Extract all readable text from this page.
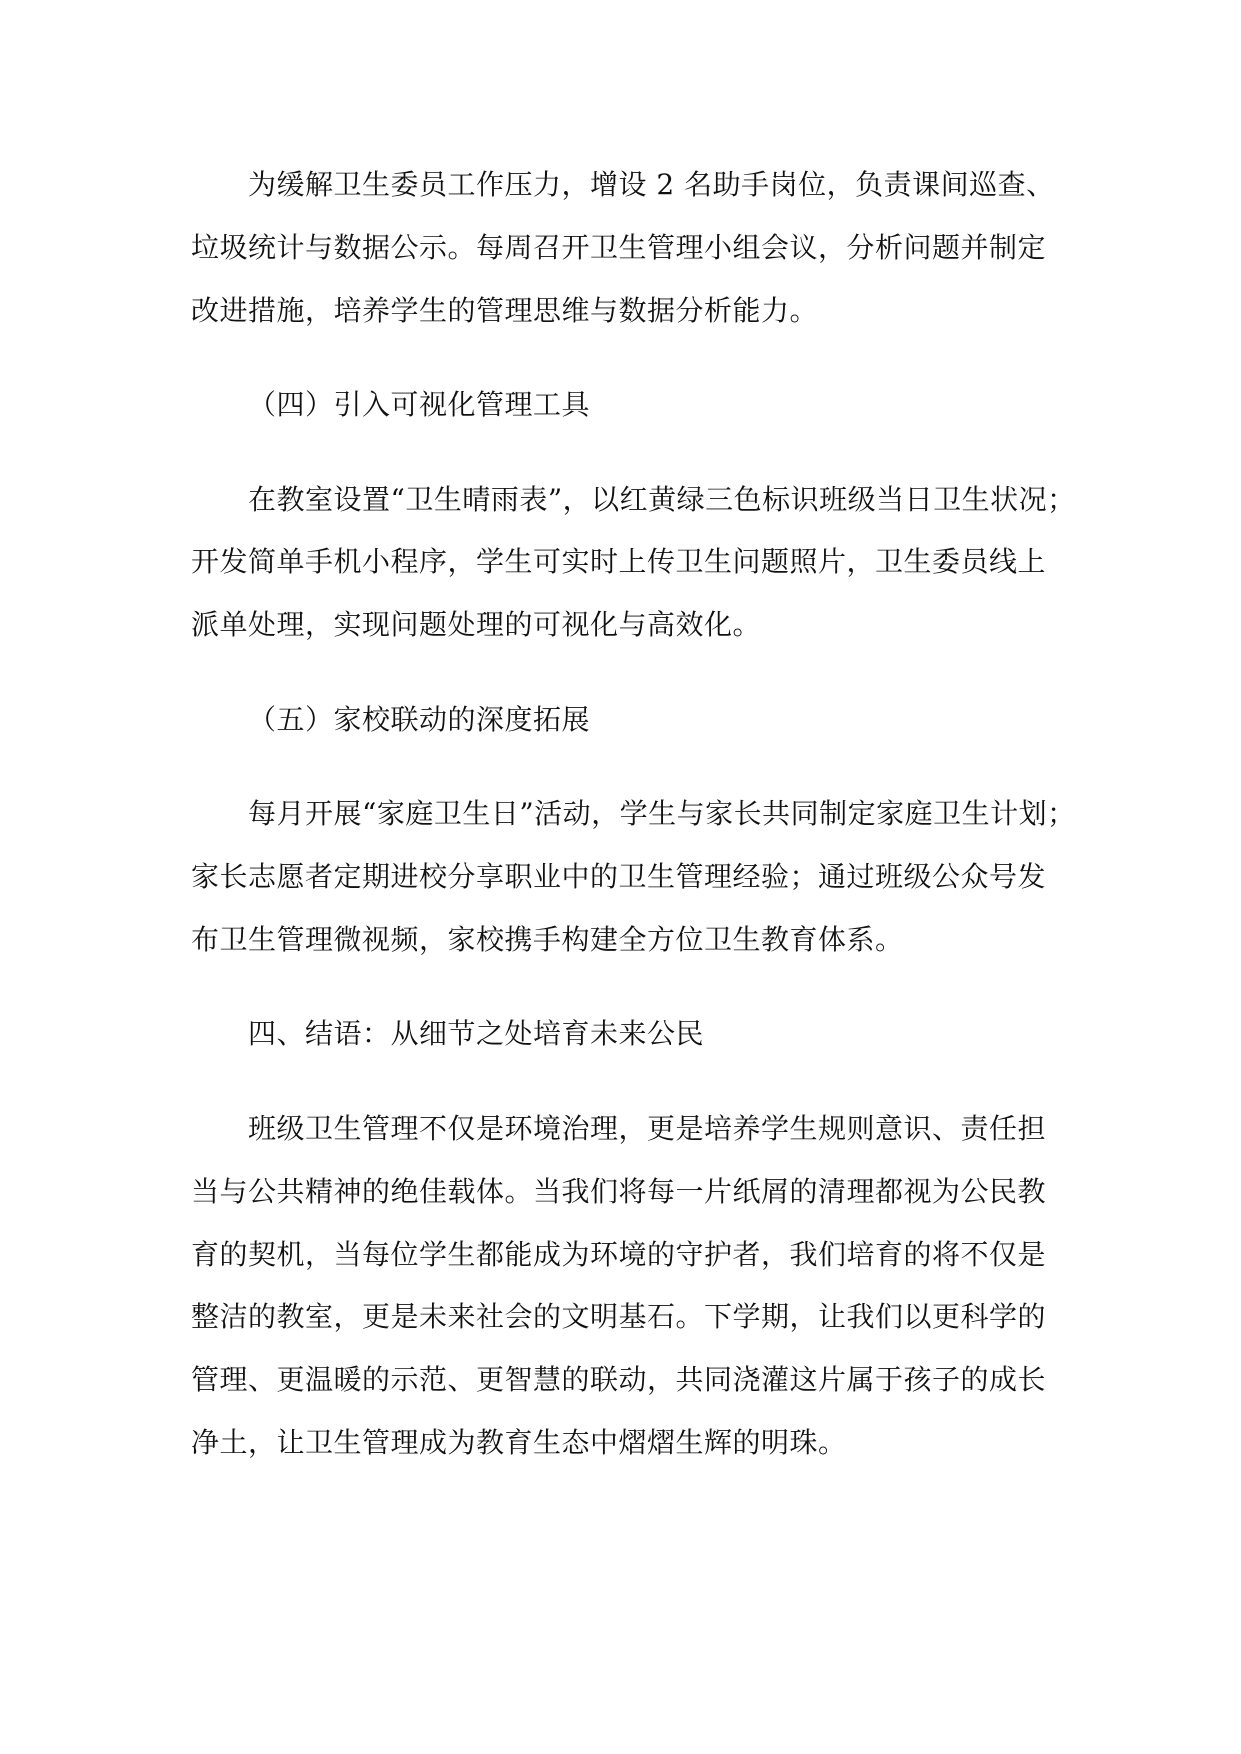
为缓解卫生委员工作压力，增设 2 名助手岗位，负责课间巡查、
垃圾统计与数据公示。每周召开卫生管理小组会议，分析问题并制定
改进措施，培养学生的管理思维与数据分析能力。
（四）引入可视化管理工具
在教室设置“卫生晴雨表”，以红黄绿三色标识班级当日卫生状况；
开发简单手机小程序，学生可实时上传卫生问题照片，卫生委员线上
派单处理，实现问题处理的可视化与高效化。
（五）家校联动的深度拓展
每月开展“家庭卫生日”活动，学生与家长共同制定家庭卫生计划；
家长志愿者定期进校分享职业中的卫生管理经验；通过班级公众号发
布卫生管理微视频，家校携手构建全方位卫生教育体系。
四、结语：从细节之处培育未来公民
班级卫生管理不仅是环境治理，更是培养学生规则意识、责任担
当与公共精神的绝佳载体。当我们将每一片纸屑的清理都视为公民教
育的契机，当每位学生都能成为环境的守护者，我们培育的将不仅是
整洁的教室，更是未来社会的文明基石。下学期，让我们以更科学的
管理、更温暖的示范、更智慧的联动，共同浇灌这片属于孩子的成长
净土，让卫生管理成为教育生态中熠熠生辉的明珠。
